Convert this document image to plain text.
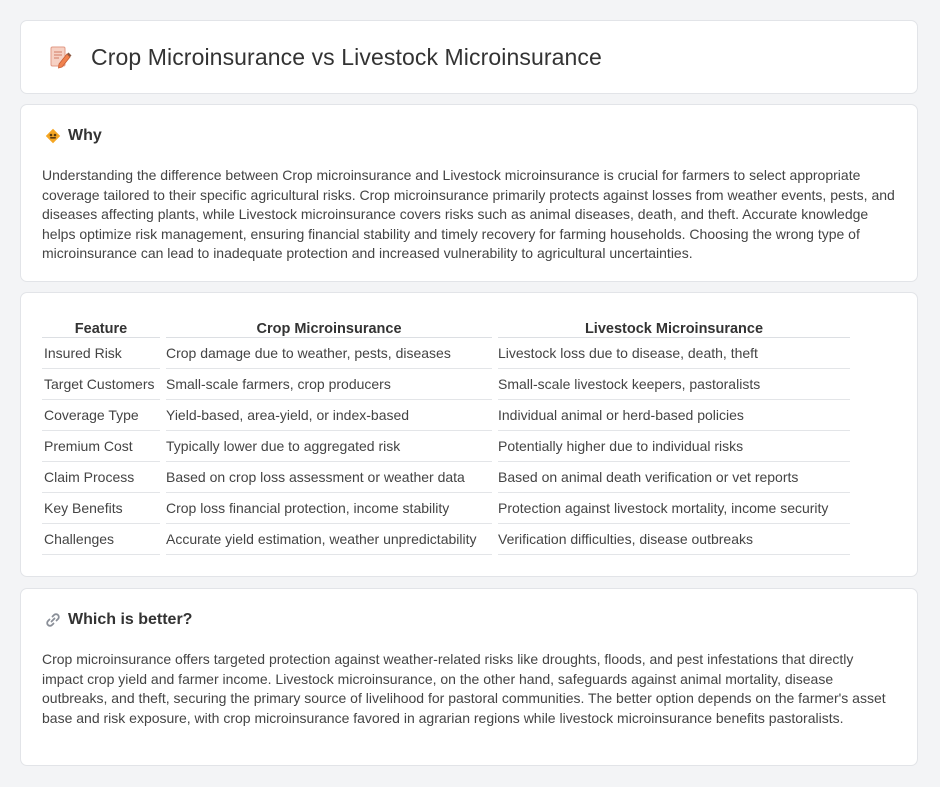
Crop Microinsurance vs Livestock Microinsurance
Why

Understanding the difference between Crop microinsurance and Livestock microinsurance is crucial for farmers to select appropriate coverage tailored to their specific agricultural risks. Crop microinsurance primarily protects against losses from weather events, pests, and diseases affecting plants, while Livestock microinsurance covers risks such as animal diseases, death, and theft. Accurate knowledge helps optimize risk management, ensuring financial stability and timely recovery for farming households. Choosing the wrong type of microinsurance can lead to inadequate protection and increased vulnerability to agricultural uncertainties.

Feature	Crop Microinsurance	Livestock Microinsurance
Insured Risk	Crop damage due to weather, pests, diseases	Livestock loss due to disease, death, theft
Target Customers	Small-scale farmers, crop producers	Small-scale livestock keepers, pastoralists
Coverage Type	Yield-based, area-yield, or index-based	Individual animal or herd-based policies
Premium Cost	Typically lower due to aggregated risk	Potentially higher due to individual risks
Claim Process	Based on crop loss assessment or weather data	Based on animal death verification or vet reports
Key Benefits	Crop loss financial protection, income stability	Protection against livestock mortality, income security
Challenges	Accurate yield estimation, weather unpredictability	Verification difficulties, disease outbreaks
Which is better?

Crop microinsurance offers targeted protection against weather-related risks like droughts, floods, and pest infestations that directly impact crop yield and farmer income. Livestock microinsurance, on the other hand, safeguards against animal mortality, disease outbreaks, and theft, securing the primary source of livelihood for pastoral communities. The better option depends on the farmer's asset base and risk exposure, with crop microinsurance favored in agrarian regions while livestock microinsurance benefits pastoralists.
